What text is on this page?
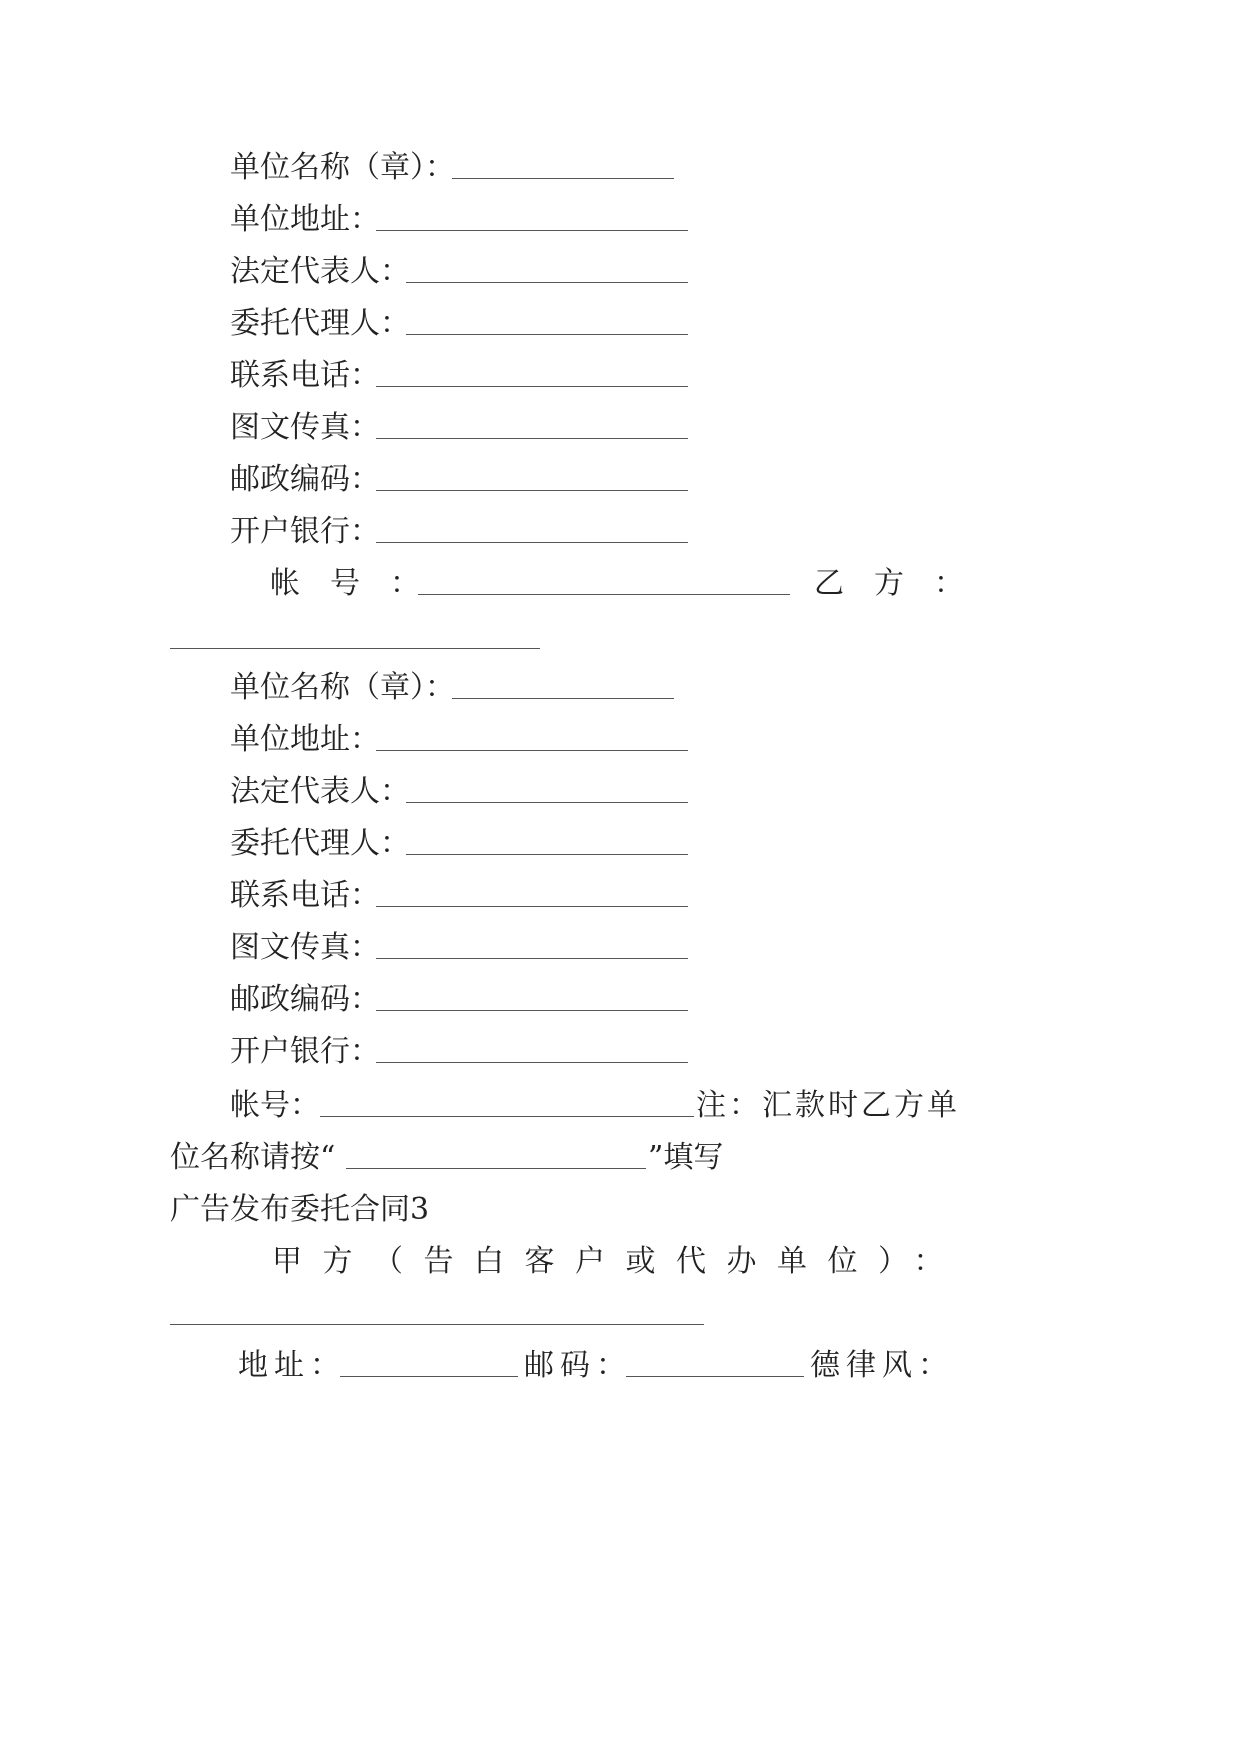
单位名称（章）：
单位地址：
法定代表人：
委托代理人：
联系电话：
图文传真：
邮政编码：
开户银行：
帐号：	乙方：
单位名称（章）：
单位地址：
法定代表人：
委托代理人：
联系电话：
图文传真：
邮政编码：
开户银行：
帐号：	注：汇款时乙方单
位名称请按“	”填写
广告发布委托合同3
甲方（告白客户或代办单位）：
地址：	邮码：	德律风：
